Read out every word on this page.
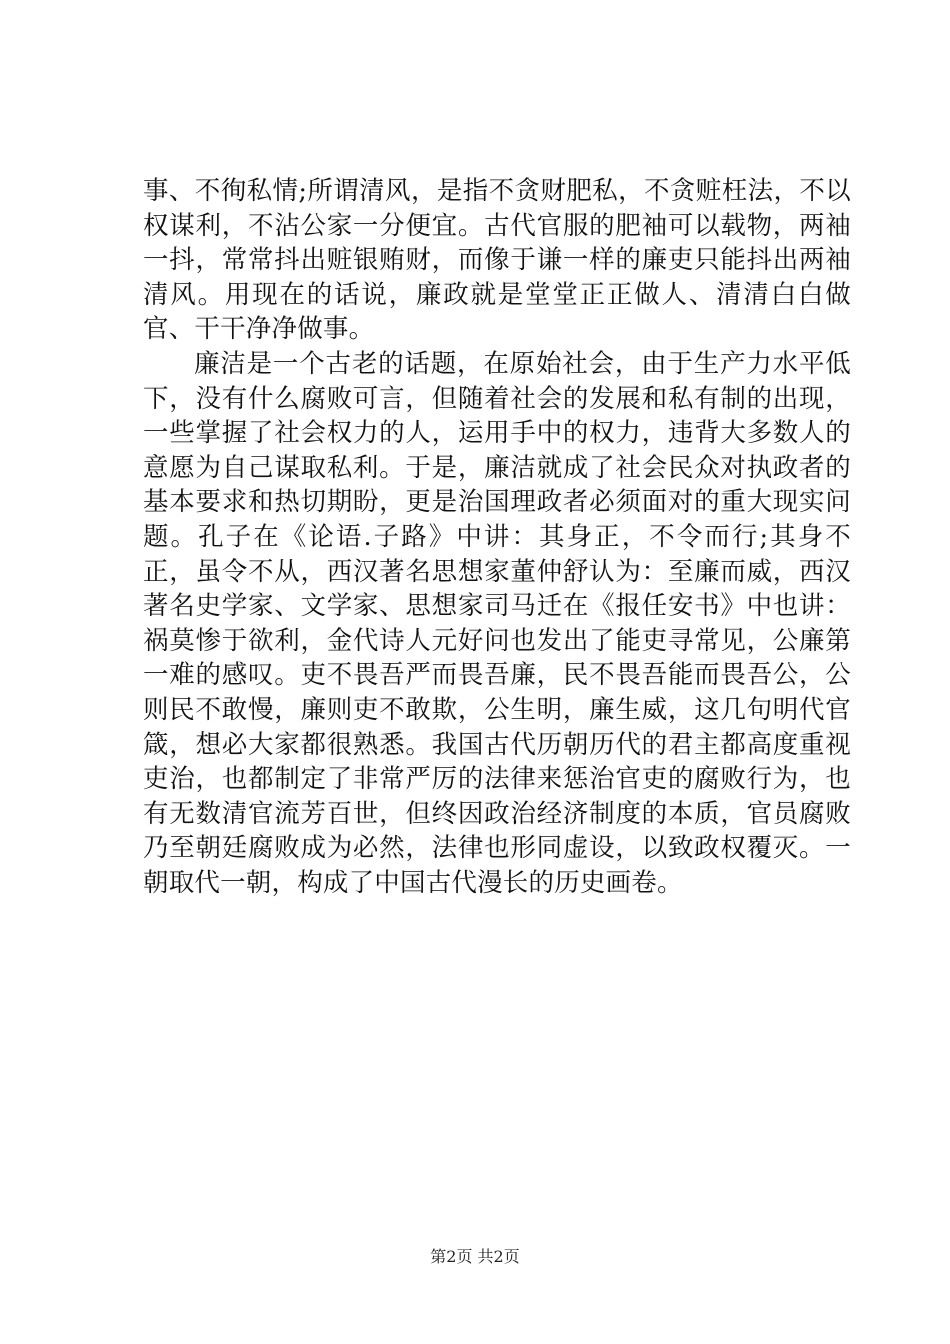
事、不徇私情;所谓清风，是指不贪财肥私，不贪赃枉法，不以权谋利，不沾公家一分便宜。古代官服的肥袖可以载物，两袖一抖，常常抖出赃银贿财，而像于谦一样的廉吏只能抖出两袖清风。用现在的话说，廉政就是堂堂正正做人、清清白白做官、干干净净做事。

廉洁是一个古老的话题，在原始社会，由于生产力水平低下，没有什么腐败可言，但随着社会的发展和私有制的出现，一些掌握了社会权力的人，运用手中的权力，违背大多数人的意愿为自己谋取私利。于是，廉洁就成了社会民众对执政者的基本要求和热切期盼，更是治国理政者必须面对的重大现实问题。孔子在《论语.子路》中讲：其身正，不令而行;其身不正，虽令不从，西汉著名思想家董仲舒认为：至廉而威，西汉著名史学家、文学家、思想家司马迁在《报任安书》中也讲：祸莫惨于欲利，金代诗人元好问也发出了能吏寻常见，公廉第一难的感叹。吏不畏吾严而畏吾廉，民不畏吾能而畏吾公，公则民不敢慢，廉则吏不敢欺，公生明，廉生威，这几句明代官箴，想必大家都很熟悉。我国古代历朝历代的君主都高度重视吏治，也都制定了非常严厉的法律来惩治官吏的腐败行为，也有无数清官流芳百世，但终因政治经济制度的本质，官员腐败乃至朝廷腐败成为必然，法律也形同虚设，以致政权覆灭。一朝取代一朝，构成了中国古代漫长的历史画卷。

第2页 共2页
